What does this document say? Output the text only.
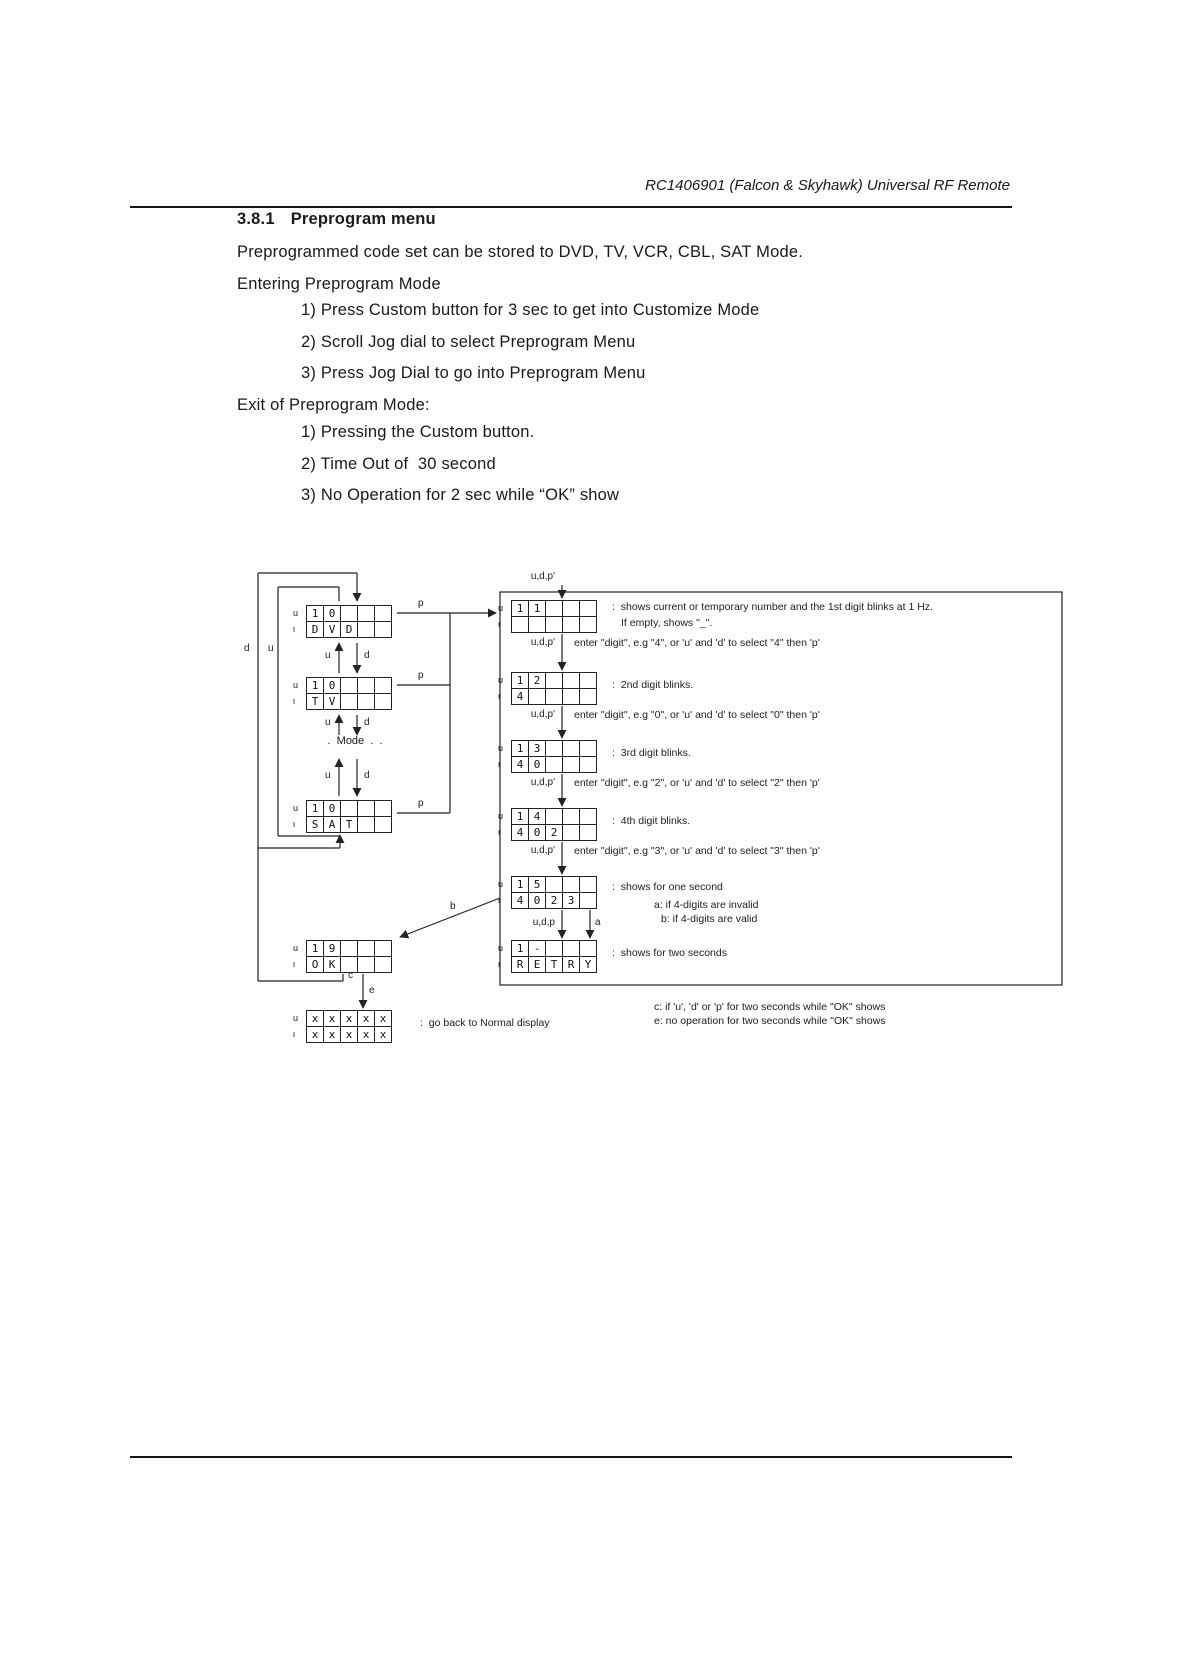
RC1406901 (Falcon & Skyhawk) Universal RF Remote
3.8.1 Preprogram menu
Preprogrammed code set can be stored to DVD, TV, VCR, CBL, SAT Mode.
Entering Preprogram Mode
1) Press Custom button for 3 sec to get into Customize Mode
2) Scroll Jog dial to select Preprogram Menu
3) Press Jog Dial to go into Preprogram Menu
Exit of Preprogram Mode:
1) Pressing the Custom button.
2) Time Out of  30 second
3) No Operation for 2 sec while “OK” show
u	1 0
ι	D V D
u	1 0
ι	T V
.  Mode  .  .
u	1 0
ι	S A T
u	1 9
ι	O K
u	x x x x x
ι	x x x x x
u	1 1
ι
u	1 2
ι	4
u	1 3
ι	4 0
u	1 4
ι	4 0 2
u	1 5
ι	4 0 2 3
u	1 -
ι	R E T R Y
d u
u	d
u	d
u	d
p
p
p
u,d,p'
u,d,p'
u,d,p'
u,d,p'
u,d,p'
u,d,p	a
b
c
e
:  shows current or temporary number and the 1st digit blinks at 1 Hz.
If empty, shows "_".
enter "digit", e.g "4", or 'u' and 'd' to select "4" then 'p'
:  2nd digit blinks.
enter "digit", e.g "0", or 'u' and 'd' to select "0" then 'p'
:  3rd digit blinks.
enter "digit", e.g "2", or 'u' and 'd' to select "2" then 'p'
:  4th digit blinks.
enter "digit", e.g "3", or 'u' and 'd' to select "3" then 'p'
:  shows for one second
a: if 4-digits are invalid
b: if 4-digits are valid
:  shows for two seconds
:  go back to Normal display
c: if 'u', 'd' or 'p' for two seconds while "OK" shows
e: no operation for two seconds while "OK" shows
